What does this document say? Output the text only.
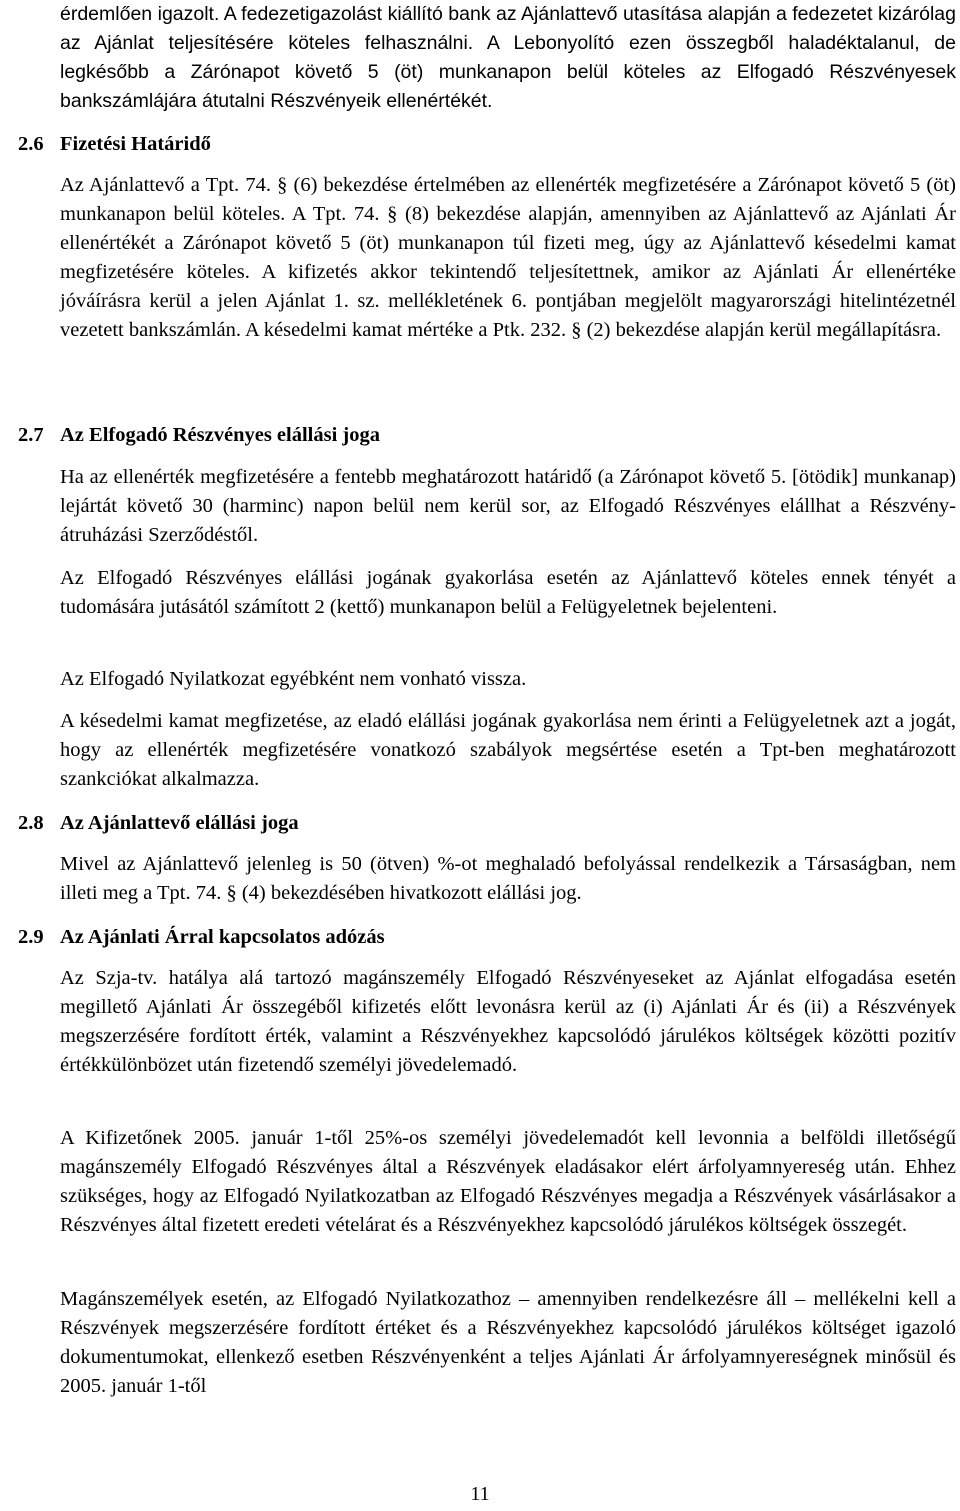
érdemlően igazolt. A fedezetigazolást kiállító bank az Ajánlattevő utasítása alapján a fedezetet kizárólag az Ajánlat teljesítésére köteles felhasználni. A Lebonyolító ezen összegből haladéktalanul, de legkésőbb a Zárónapot követő 5 (öt) munkanapon belül köteles az Elfogadó Részvényesek bankszámlájára átutalni Részvényeik ellenértékét.

2.6 Fizetési Határidő

Az Ajánlattevő a Tpt. 74. § (6) bekezdése értelmében az ellenérték megfizetésére a Zárónapot követő 5 (öt) munkanapon belül köteles. A Tpt. 74. § (8) bekezdése alapján, amennyiben az Ajánlattevő az Ajánlati Ár ellenértékét a Zárónapot követő 5 (öt) munkanapon túl fizeti meg, úgy az Ajánlattevő késedelmi kamat megfizetésére köteles. A kifizetés akkor tekintendő teljesítettnek, amikor az Ajánlati Ár ellenértéke jóváírásra kerül a jelen Ajánlat 1. sz. mellékletének 6. pontjában megjelölt magyarországi hitelintézetnél vezetett bankszámlán. A késedelmi kamat mértéke a Ptk. 232. § (2) bekezdése alapján kerül megállapításra.

2.7 Az Elfogadó Részvényes elállási joga

Ha az ellenérték megfizetésére a fentebb meghatározott határidő (a Zárónapot követő 5. [ötödik] munkanap) lejártát követő 30 (harminc) napon belül nem kerül sor, az Elfogadó Részvényes elállhat a Részvény-átruházási Szerződéstől.

Az Elfogadó Részvényes elállási jogának gyakorlása esetén az Ajánlattevő köteles ennek tényét a tudomására jutásától számított 2 (kettő) munkanapon belül a Felügyeletnek bejelenteni.

Az Elfogadó Nyilatkozat egyébként nem vonható vissza.

A késedelmi kamat megfizetése, az eladó elállási jogának gyakorlása nem érinti a Felügyeletnek azt a jogát, hogy az ellenérték megfizetésére vonatkozó szabályok megsértése esetén a Tpt-ben meghatározott szankciókat alkalmazza.

2.8 Az Ajánlattevő elállási joga

Mivel az Ajánlattevő jelenleg is 50 (ötven) %-ot meghaladó befolyással rendelkezik a Társaságban, nem illeti meg a Tpt. 74. § (4) bekezdésében hivatkozott elállási jog.

2.9 Az Ajánlati Árral kapcsolatos adózás

Az Szja-tv. hatálya alá tartozó magánszemély Elfogadó Részvényeseket az Ajánlat elfogadása esetén megillető Ajánlati Ár összegéből kifizetés előtt levonásra kerül az (i) Ajánlati Ár és (ii) a Részvények megszerzésére fordított érték, valamint a Részvényekhez kapcsolódó járulékos költségek közötti pozitív értékkülönbözet után fizetendő személyi jövedelemadó.

A Kifizetőnek 2005. január 1-től 25%-os személyi jövedelemadót kell levonnia a belföldi illetőségű magánszemély Elfogadó Részvényes által a Részvények eladásakor elért árfolyamnyereség után. Ehhez szükséges, hogy az Elfogadó Nyilatkozatban az Elfogadó Részvényes megadja a Részvények vásárlásakor a Részvényes által fizetett eredeti vételárat és a Részvényekhez kapcsolódó járulékos költségek összegét.

Magánszemélyek esetén, az Elfogadó Nyilatkozathoz – amennyiben rendelkezésre áll – mellékelni kell a Részvények megszerzésére fordított értéket és a Részvényekhez kapcsolódó járulékos költséget igazoló dokumentumokat, ellenkező esetben Részvényenként a teljes Ajánlati Ár árfolyamnyereségnek minősül és 2005. január 1-től

11
